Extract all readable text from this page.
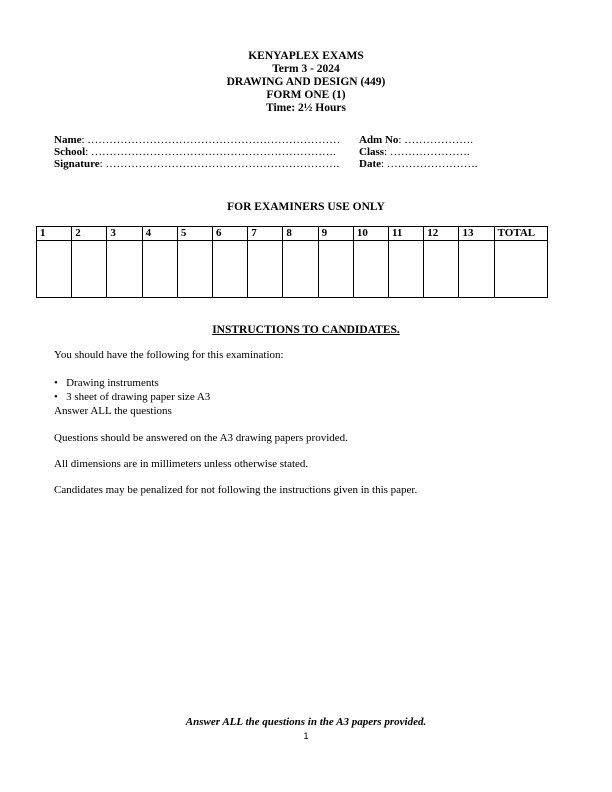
KENYAPLEX EXAMS
Term 3 - 2024
DRAWING AND DESIGN (449)
FORM ONE (1)
Time: 2½ Hours
Name: …………………………………………………………… Adm No: ……………….
School: …………………………………………………………. Class: ………………….
Signature: ………………………………………………………. Date: …………………….
FOR EXAMINERS USE ONLY
1	2	3	4	5	6	7	8	9	10	11	12	13	TOTAL

INSTRUCTIONS TO CANDIDATES.
You should have the following for this examination:
•   Drawing instruments
•   3 sheet of drawing paper size A3
Answer ALL the questions
Questions should be answered on the A3 drawing papers provided.
All dimensions are in millimeters unless otherwise stated.
Candidates may be penalized for not following the instructions given in this paper.
Answer ALL the questions in the A3 papers provided.
1
